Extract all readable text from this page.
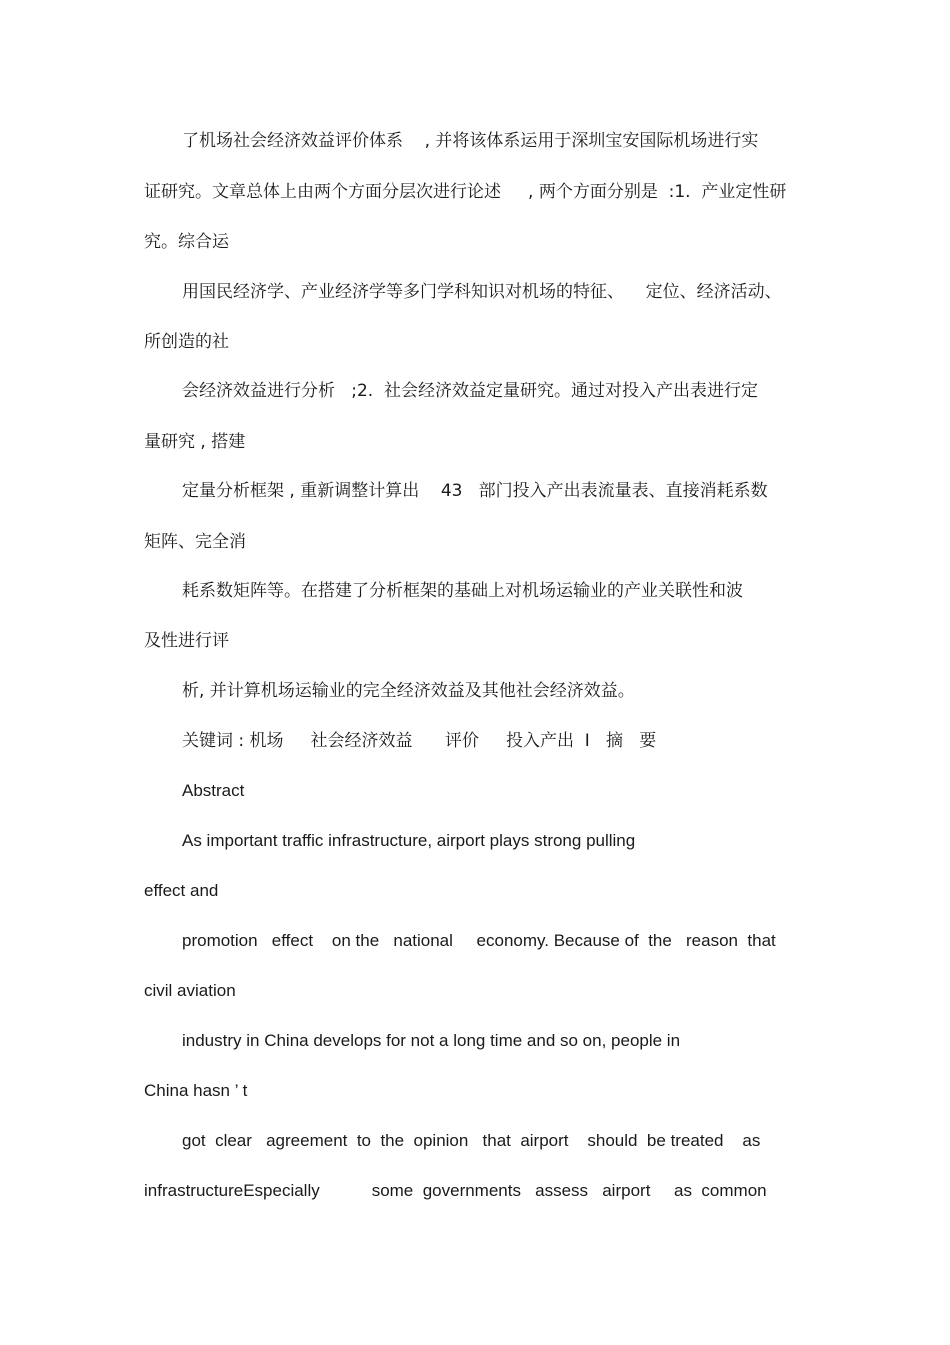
了机场社会经济效益评价体系    , 并将该体系运用于深圳宝安国际机场进行实
证研究。文章总体上由两个方面分层次进行论述     , 两个方面分别是  :1.  产业定性研
究。综合运
用国民经济学、产业经济学等多门学科知识对机场的特征、    定位、经济活动、
所创造的社
会经济效益进行分析   ;2.  社会经济效益定量研究。通过对投入产出表进行定
量研究 , 搭建
定量分析框架 , 重新调整计算出    43   部门投入产出表流量表、直接消耗系数
矩阵、完全消
耗系数矩阵等。在搭建了分析框架的基础上对机场运输业的产业关联性和波
及性进行评
析, 并计算机场运输业的完全经济效益及其他社会经济效益。
关键词 : 机场     社会经济效益      评价     投入产出  I   摘   要
Abstract
As important traffic infrastructure, airport plays strong pulling
effect and
promotion   effect    on the   national     economy. Because of  the   reason  that
civil aviation
industry in China develops for not a long time and so on, people in
China hasn ’ t
got  clear   agreement  to  the  opinion   that  airport    should  be treated    as
infrastructureEspecially           some  governments   assess   airport     as  common
